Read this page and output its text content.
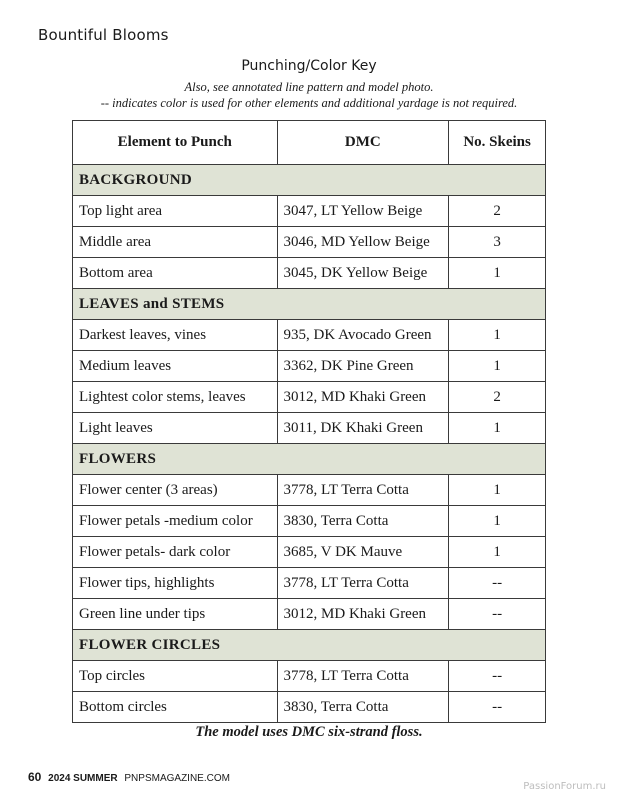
Bountiful Blooms
Punching/Color Key
Also, see annotated line pattern and model photo.
-- indicates color is used for other elements and additional yardage is not required.
Element to Punch	DMC	No. Skeins
BACKGROUND		
Top light area	3047, LT Yellow Beige	2
Middle area	3046, MD Yellow Beige	3
Bottom area	3045, DK Yellow Beige	1
LEAVES and STEMS		
Darkest leaves, vines	935, DK Avocado Green	1
Medium leaves	3362, DK Pine Green	1
Lightest color stems, leaves	3012, MD Khaki Green	2
Light leaves	3011, DK Khaki Green	1
FLOWERS		
Flower center (3 areas)	3778, LT Terra Cotta	1
Flower petals -medium color	3830, Terra Cotta	1
Flower petals- dark color	3685, V DK Mauve	1
Flower tips, highlights	3778, LT Terra Cotta	--
Green line under tips	3012, MD Khaki Green	--
FLOWER CIRCLES		
Top circles	3778, LT Terra Cotta	--
Bottom circles	3830, Terra Cotta	--
The model uses DMC six-strand floss.
60 2024 SUMMER PNPSMAGAZINE.COM
PassionForum.ru
